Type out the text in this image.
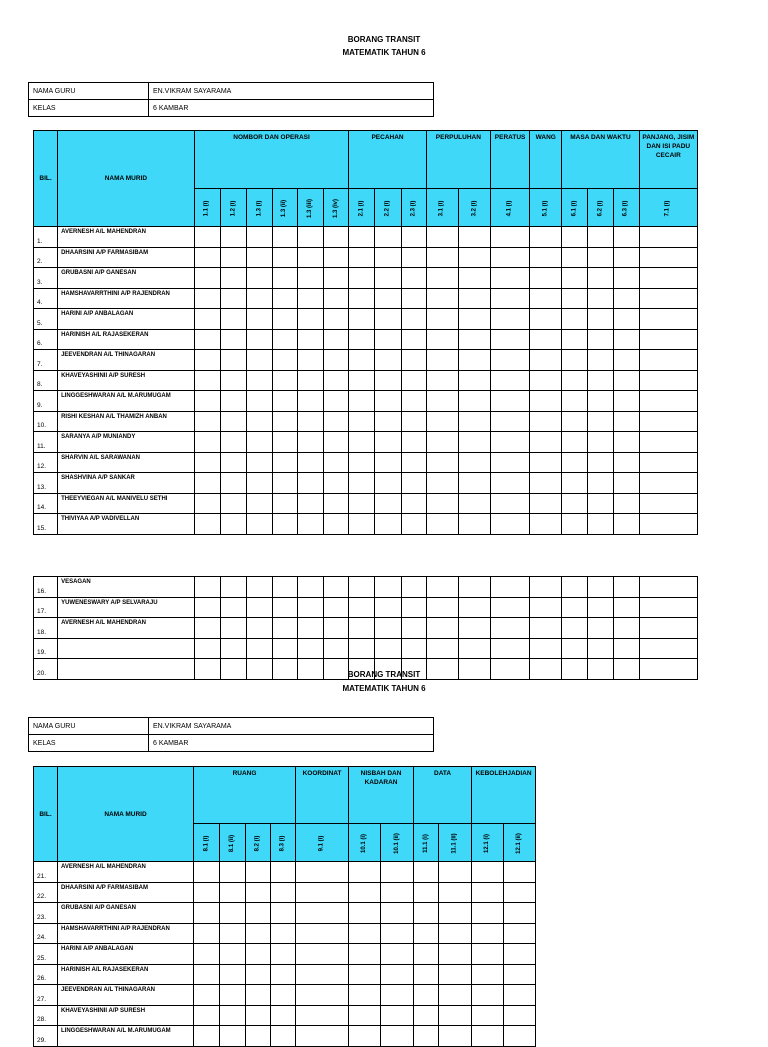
BORANG TRANSIT
MATEMATIK TAHUN 6
NAMA GURU	EN.VIKRAM SAYARAMA
KELAS	6 KAMBAR
BIL.	NAMA MURID	NOMBOR DAN OPERASI						PECAHAN			PERPULUHAN		PERATUS	WANG	MASA DAN WAKTU			PANJANG, JISIM DAN ISI PADU CECAIR
		1.1 (i)	1.2 (i)	1.3 (i)	1.3 (ii)	1.3 (iii)	1.3 (iv)	2.1 (i)	2.2 (i)	2.3 (i)	3.1 (i)	3.2 (i)	4.1 (i)	5.1 (i)	6.1 (i)	6.2 (i)	6.3 (i)	7.1 (i)
1.	AVERNESH A/L MAHENDRAN																	
2.	DHAARSINI A/P FARMASIBAM																	
3.	GRUBASNI A/P GANESAN																	
4.	HAMSHAVARRTHINI A/P RAJENDRAN																	
5.	HARINI A/P ANBALAGAN																	
6.	HARINISH A/L RAJASEKERAN																	
7.	JEEVENDRAN A/L THINAGARAN																	
8.	KHAVEYASHINII A/P SURESH																	
9.	LINGGESHWARAN A/L M.ARUMUGAM																	
10.	RISHI KESHAN A/L THAMIZH ANBAN																	
11.	SARANYA A/P MUNIANDY																	
12.	SHARVIN A/L SARAWANAN																	
13.	SHASHVINA A/P SANKAR																	
14.	THEEYVIEGAN A/L MANIVELU SETHI																	
15.	THIVIYAA A/P VADIVELLAN																	
16.	VESAGAN																	
17.	YUWENESWARY A/P SELVARAJU																	
18.	AVERNESH A/L MAHENDRAN																	
19.																		
20.																			BORANG TRANSIT
MATEMATIK TAHUN 6
NAMA GURU	EN.VIKRAM SAYARAMA
KELAS	6 KAMBAR
BIL.	NAMA MURID	RUANG				KOORDINAT	NISBAH DAN KADARAN		DATA		KEBOLEHJADIAN	
		8.1 (i)	8.1 (ii)	8.2 (i)	8.3 (i)	9.1 (i)	10.1 (i)	10.1 (ii)	11.1 (i)	11.1 (ii)	12.1 (i)	12.1 (ii)
21.	AVERNESH A/L MAHENDRAN											
22.	DHAARSINI A/P FARMASIBAM											
23.	GRUBASNI A/P GANESAN											
24.	HAMSHAVARRTHINI A/P RAJENDRAN											
25.	HARINI A/P ANBALAGAN											
26.	HARINISH A/L RAJASEKERAN											
27.	JEEVENDRAN A/L THINAGARAN											
28.	KHAVEYASHINII A/P SURESH											
29.	LINGGESHWARAN A/L M.ARUMUGAM											
